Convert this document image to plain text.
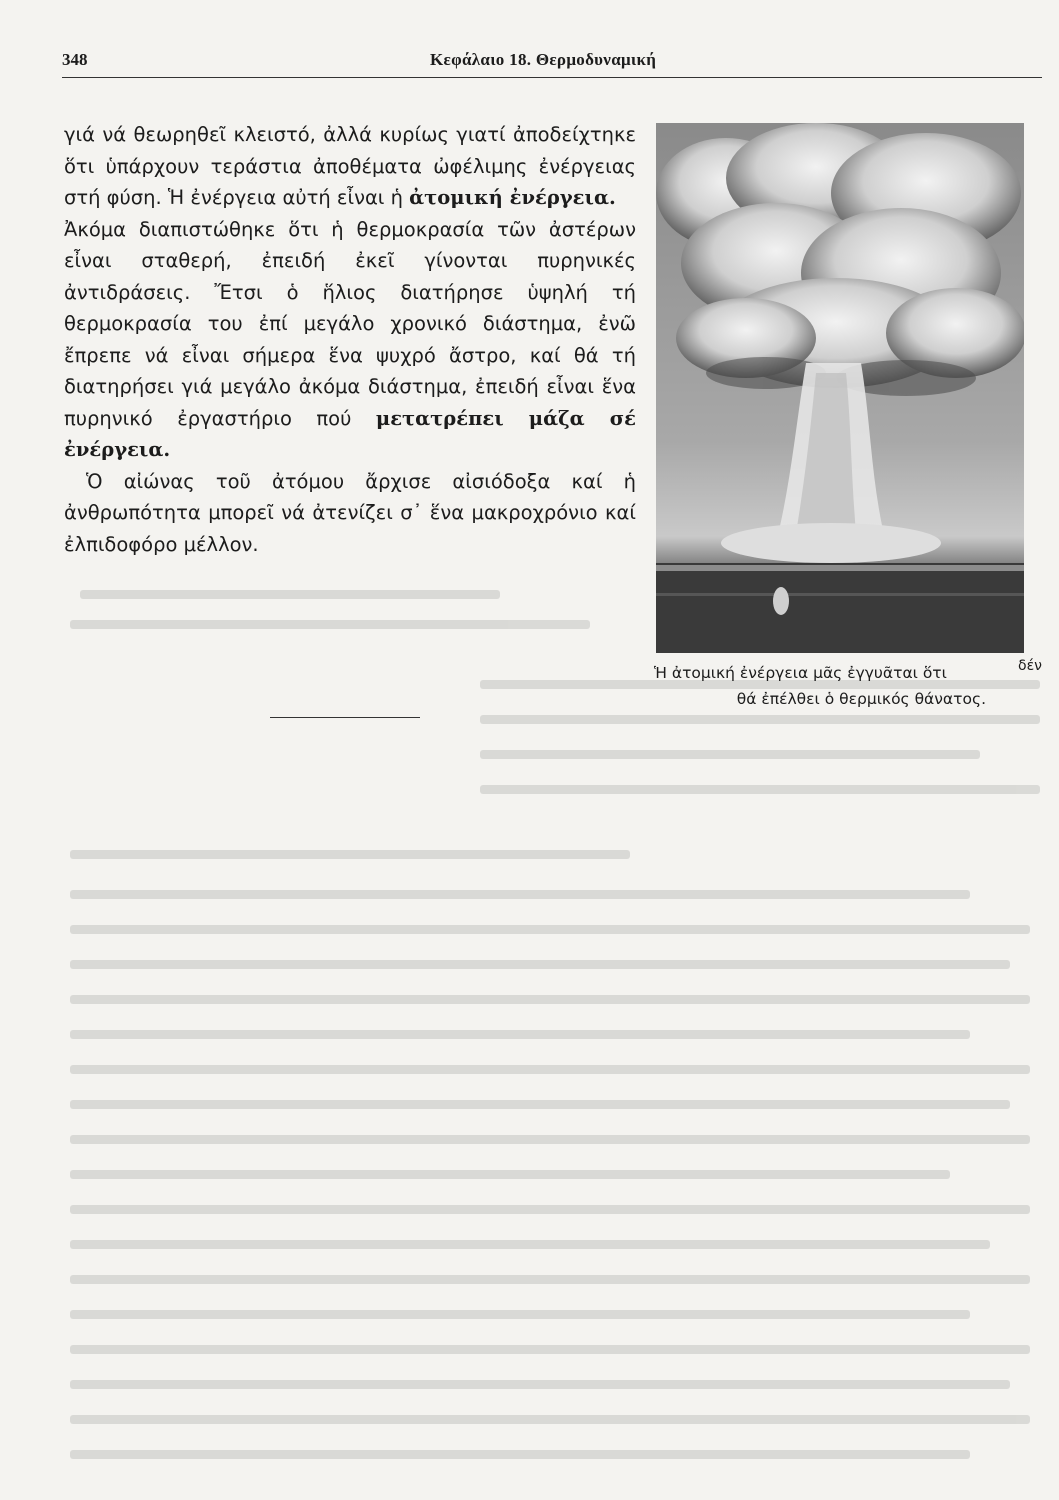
348	Κεφάλαιο 18. Θερμοδυναμική

γιά νά θεωρηθεῖ κλειστό, ἀλλά κυρίως γιατί ἀποδείχτηκε ὅτι ὑπάρχουν τεράστια ἀποθέματα ὠφέλιμης ἐνέργειας στή φύση. Ἡ ἐνέργεια αὐτή εἶναι ἡ ἀτομική ἐνέργεια.

Ἀκόμα διαπιστώθηκε ὅτι ἡ θερμοκρασία τῶν ἀστέρων εἶναι σταθερή, ἐπειδή ἐκεῖ γίνονται πυρηνικές ἀντιδράσεις. Ἔτσι ὁ ἥλιος διατήρησε ὑψηλή τή θερμοκρασία του ἐπί μεγάλο χρονικό διάστημα, ἐνῶ ἔπρεπε νά εἶναι σήμερα ἕνα ψυχρό ἄστρο, καί θά τή διατηρήσει γιά μεγάλο ἀκόμα διάστημα, ἐπειδή εἶναι ἕνα πυρηνικό ἐργαστήριο πού μετατρέπει μάζα σέ ἐνέργεια.

Ὁ αἰώνας τοῦ ἀτόμου ἄρχισε αἰσιόδοξα καί ἡ ἀνθρωπότητα μπορεῖ νά ἀτενίζει σ᾽ ἕνα μακροχρόνιο καί ἐλπιδοφόρο μέλλον.

Ἡ ἀτομική ἐνέργεια μᾶς ἐγγυᾶται ὅτι	δέν
θά ἐπέλθει ὁ θερμικός θάνατος.
